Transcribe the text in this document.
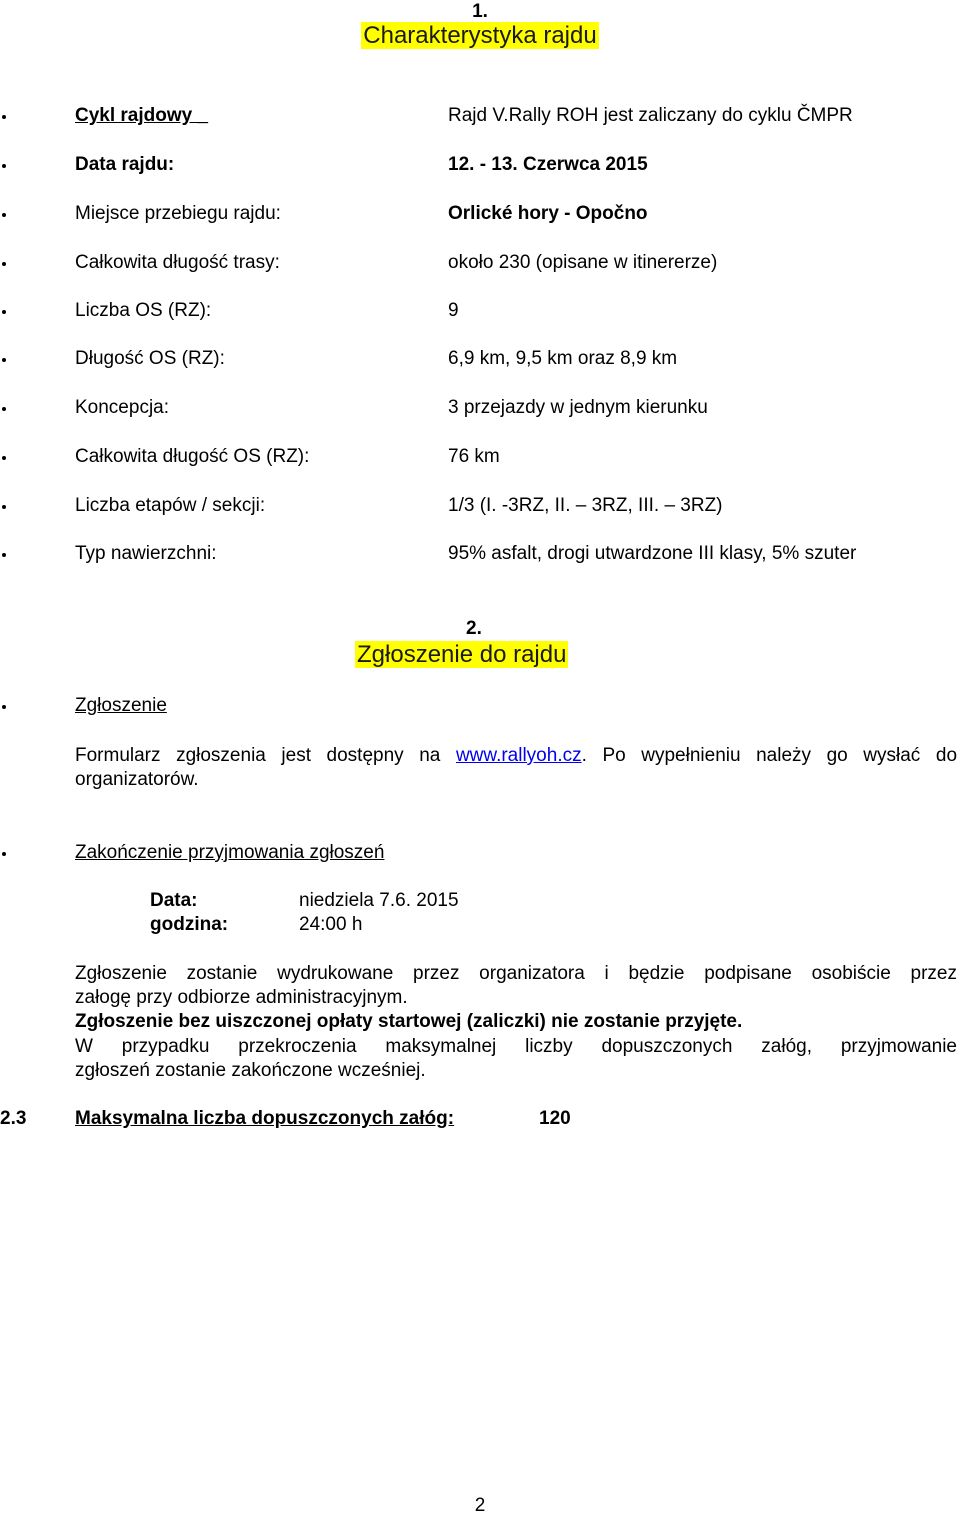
1.
Charakterystyka rajdu
Cykl rajdowy _	Rajd V.Rally ROH jest zaliczany do cyklu ČMPR
Data rajdu:	12. - 13. Czerwca 2015
Miejsce przebiegu rajdu:	Orlické hory - Opočno
Całkowita długość trasy:	około 230 (opisane w itinererze)
Liczba OS (RZ):	9
Długość OS (RZ):	6,9 km, 9,5 km oraz 8,9 km
Koncepcja:	3 przejazdy w jednym kierunku
Całkowita długość OS (RZ):	76 km
Liczba etapów / sekcji:	1/3 (I. -3RZ, II. – 3RZ, III. – 3RZ)
Typ nawierzchni:	95% asfalt, drogi utwardzone III klasy, 5% szuter
2.
Zgłoszenie do rajdu
Zgłoszenie
Formularz zgłoszenia jest dostępny na www.rallyoh.cz. Po wypełnieniu należy go wysłać do
organizatorów.
Zakończenie przyjmowania zgłoszeń
Data:	niedziela 7.6. 2015
godzina:	24:00 h
Zgłoszenie zostanie wydrukowane przez organizatora i będzie podpisane osobiście przez
załogę przy odbiorze administracyjnym.
Zgłoszenie bez uiszczonej opłaty startowej (zaliczki) nie zostanie przyjęte.
W przypadku przekroczenia maksymalnej liczby dopuszczonych załóg, przyjmowanie
zgłoszeń zostanie zakończone wcześniej.
2.3	Maksymalna liczba dopuszczonych załóg:	120
2
